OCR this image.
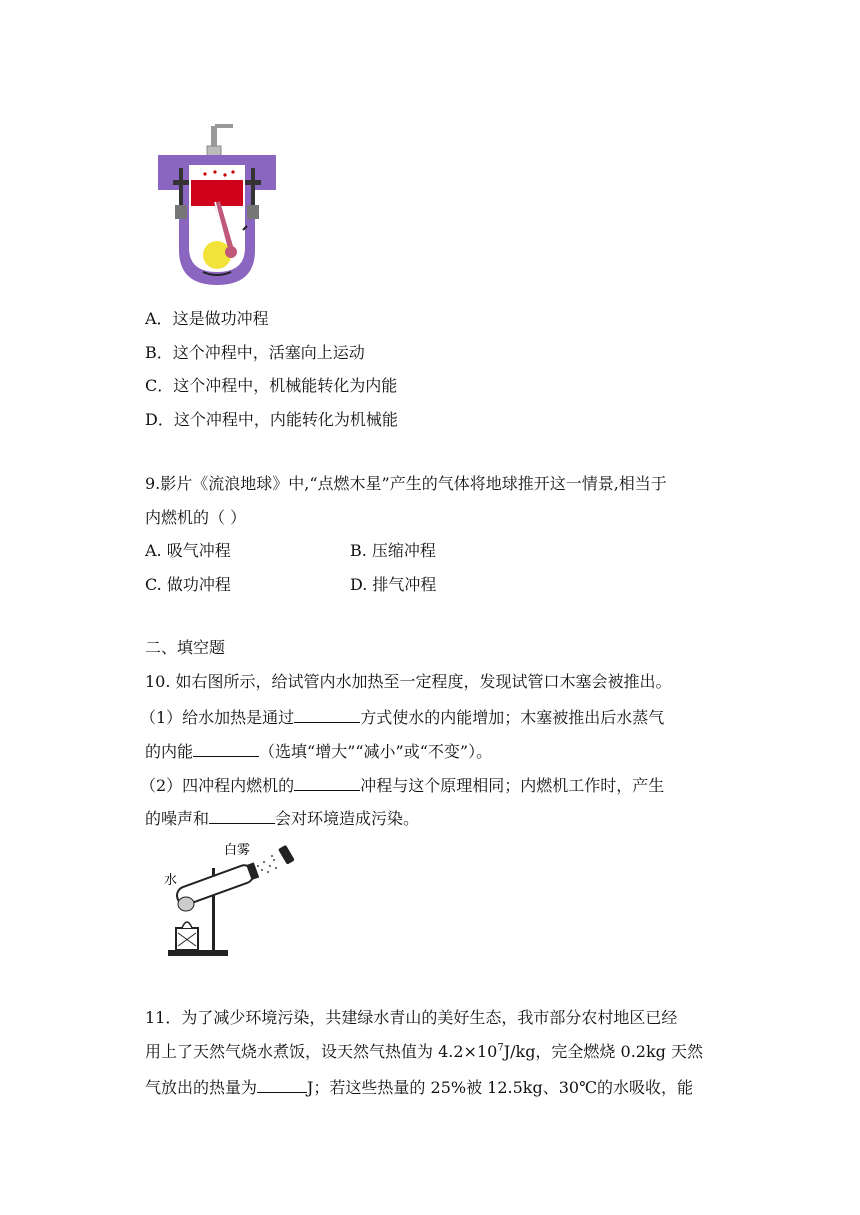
A．这是做功冲程
B．这个冲程中，活塞向上运动
C．这个冲程中，机械能转化为内能
D．这个冲程中，内能转化为机械能
9.影片《流浪地球》中,“点燃木星”产生的气体将地球推开这一情景,相当于
内燃机的（ ）
A. 吸气冲程	B. 压缩冲程
C. 做功冲程	D. 排气冲程
二、填空题
10. 如右图所示，给试管内水加热至一定程度，发现试管口木塞会被推出。
（1）给水加热是通过	方式使水的内能增加；木塞被推出后水蒸气
的内能	（选填“增大”“减小”或“不变”）。
（2）四冲程内燃机的	冲程与这个原理相同；内燃机工作时，产生
的噪声和	会对环境造成污染。
水
白雾
11．为了减少环境污染，共建绿水青山的美好生态，我市部分农村地区已经
用上了天然气烧水煮饭，设天然气热值为 $4.2\times 10^7J/kg$，完全燃烧 0.2kg 天然
气放出的热量为	J；若这些热量的 25%被 12.5kg、30℃的水吸收，能
